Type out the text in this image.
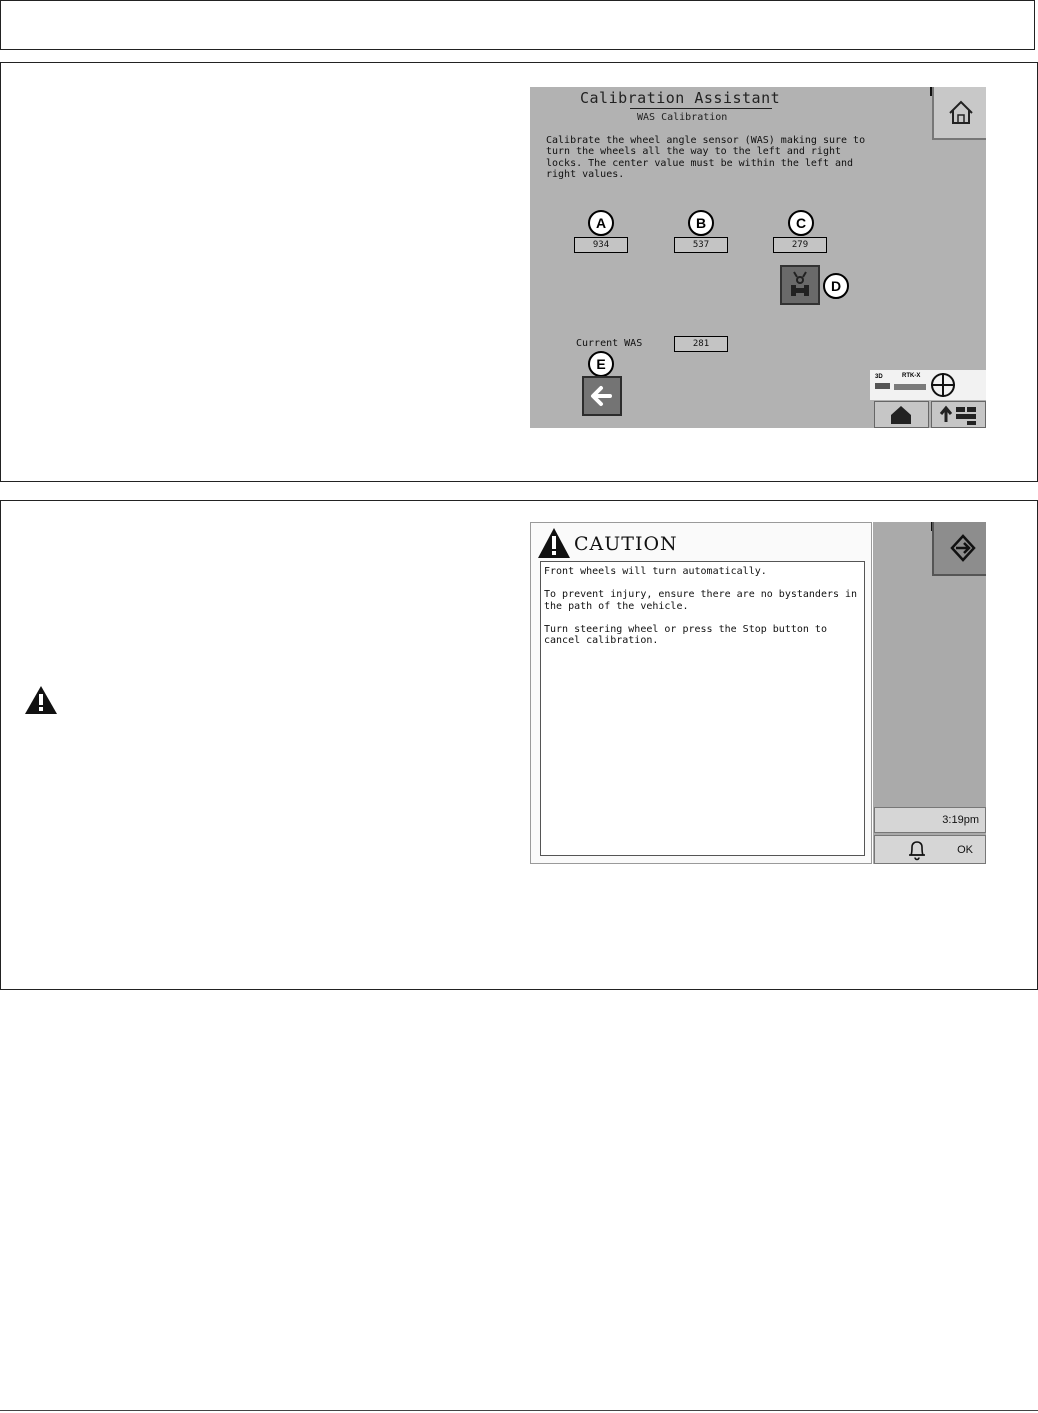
Calibration Assistant
WAS Calibration
Calibrate the wheel angle sensor (WAS) making sure to turn the wheels all the way to the left and right locks. The center value must be within the left and right values.
A	B	C
934	537	279
D
Current WAS	281
E
3D	RTK-X
CAUTION

Front wheels will turn automatically.

To prevent injury, ensure there are no bystanders in the path of the vehicle.

Turn steering wheel or press the Stop button to cancel calibration.

3:19pm
OK
